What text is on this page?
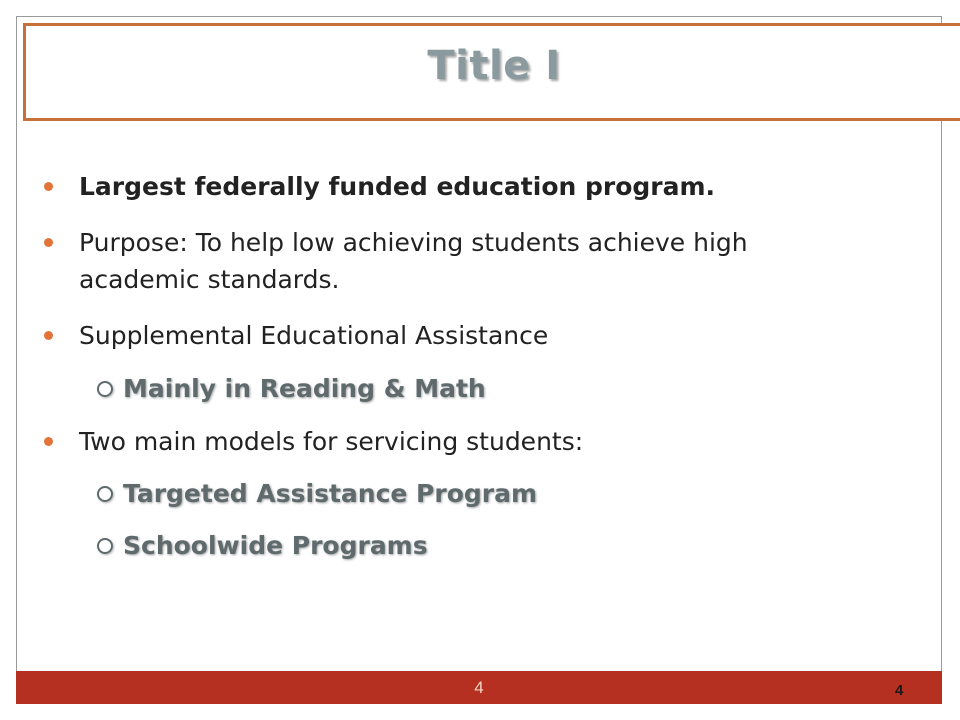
Title I
Largest federally funded education program.
Purpose: To help low achieving students achieve high academic standards.
Supplemental Educational Assistance
Mainly in Reading & Math
Two main models for servicing students:
Targeted Assistance Program
Schoolwide Programs
4	4
